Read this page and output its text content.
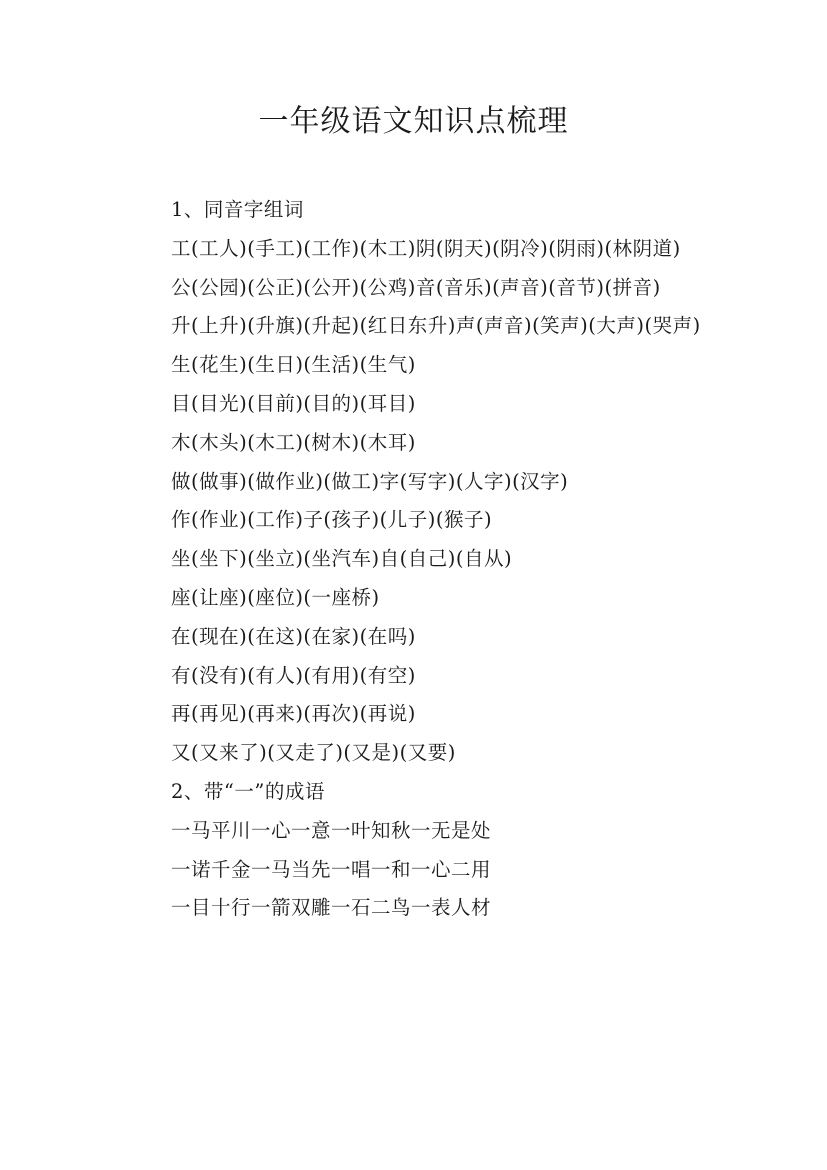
一年级语文知识点梳理

1、同音字组词

工(工人)(手工)(工作)(木工)阴(阴天)(阴冷)(阴雨)(林阴道)

公(公园)(公正)(公开)(公鸡)音(音乐)(声音)(音节)(拼音)

升(上升)(升旗)(升起)(红日东升)声(声音)(笑声)(大声)(哭声)

生(花生)(生日)(生活)(生气)

目(目光)(目前)(目的)(耳目)

木(木头)(木工)(树木)(木耳)

做(做事)(做作业)(做工)字(写字)(人字)(汉字)

作(作业)(工作)子(孩子)(儿子)(猴子)

坐(坐下)(坐立)(坐汽车)自(自己)(自从)

座(让座)(座位)(一座桥)

在(现在)(在这)(在家)(在吗)

有(没有)(有人)(有用)(有空)

再(再见)(再来)(再次)(再说)

又(又来了)(又走了)(又是)(又要)

2、带“一”的成语

一马平川一心一意一叶知秋一无是处

一诺千金一马当先一唱一和一心二用

一目十行一箭双雕一石二鸟一表人材
